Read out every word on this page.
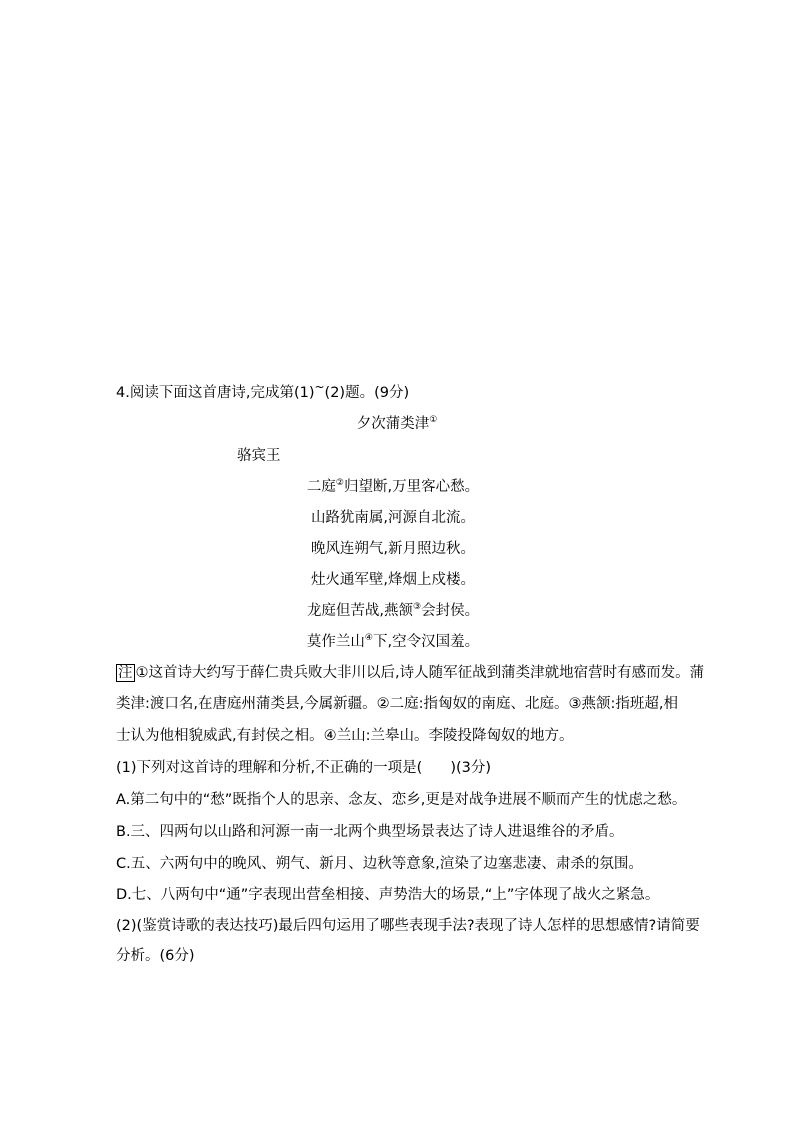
4.阅读下面这首唐诗,完成第(1)~(2)题。(9分)
夕次蒲类津①
骆宾王
二庭②归望断,万里客心愁。
山路犹南属,河源自北流。
晚风连朔气,新月照边秋。
灶火通军壁,烽烟上戍楼。
龙庭但苦战,燕颔③会封侯。
莫作兰山④下,空令汉国羞。
注 ①这首诗大约写于薛仁贵兵败大非川以后,诗人随军征战到蒲类津就地宿营时有感而发。蒲
类津:渡口名,在唐庭州蒲类县,今属新疆。②二庭:指匈奴的南庭、北庭。③燕颔:指班超,相
士认为他相貌威武,有封侯之相。④兰山:兰皋山。李陵投降匈奴的地方。
(1)下列对这首诗的理解和分析,不正确的一项是( )(3分)
A.第二句中的“愁”既指个人的思亲、念友、恋乡,更是对战争进展不顺而产生的忧虑之愁。
B.三、四两句以山路和河源一南一北两个典型场景表达了诗人进退维谷的矛盾。
C.五、六两句中的晚风、朔气、新月、边秋等意象,渲染了边塞悲凄、肃杀的氛围。
D.七、八两句中“通”字表现出营垒相接、声势浩大的场景,“上”字体现了战火之紧急。
(2)(鉴赏诗歌的表达技巧)最后四句运用了哪些表现手法?表现了诗人怎样的思想感情?请简要
分析。(6分)
